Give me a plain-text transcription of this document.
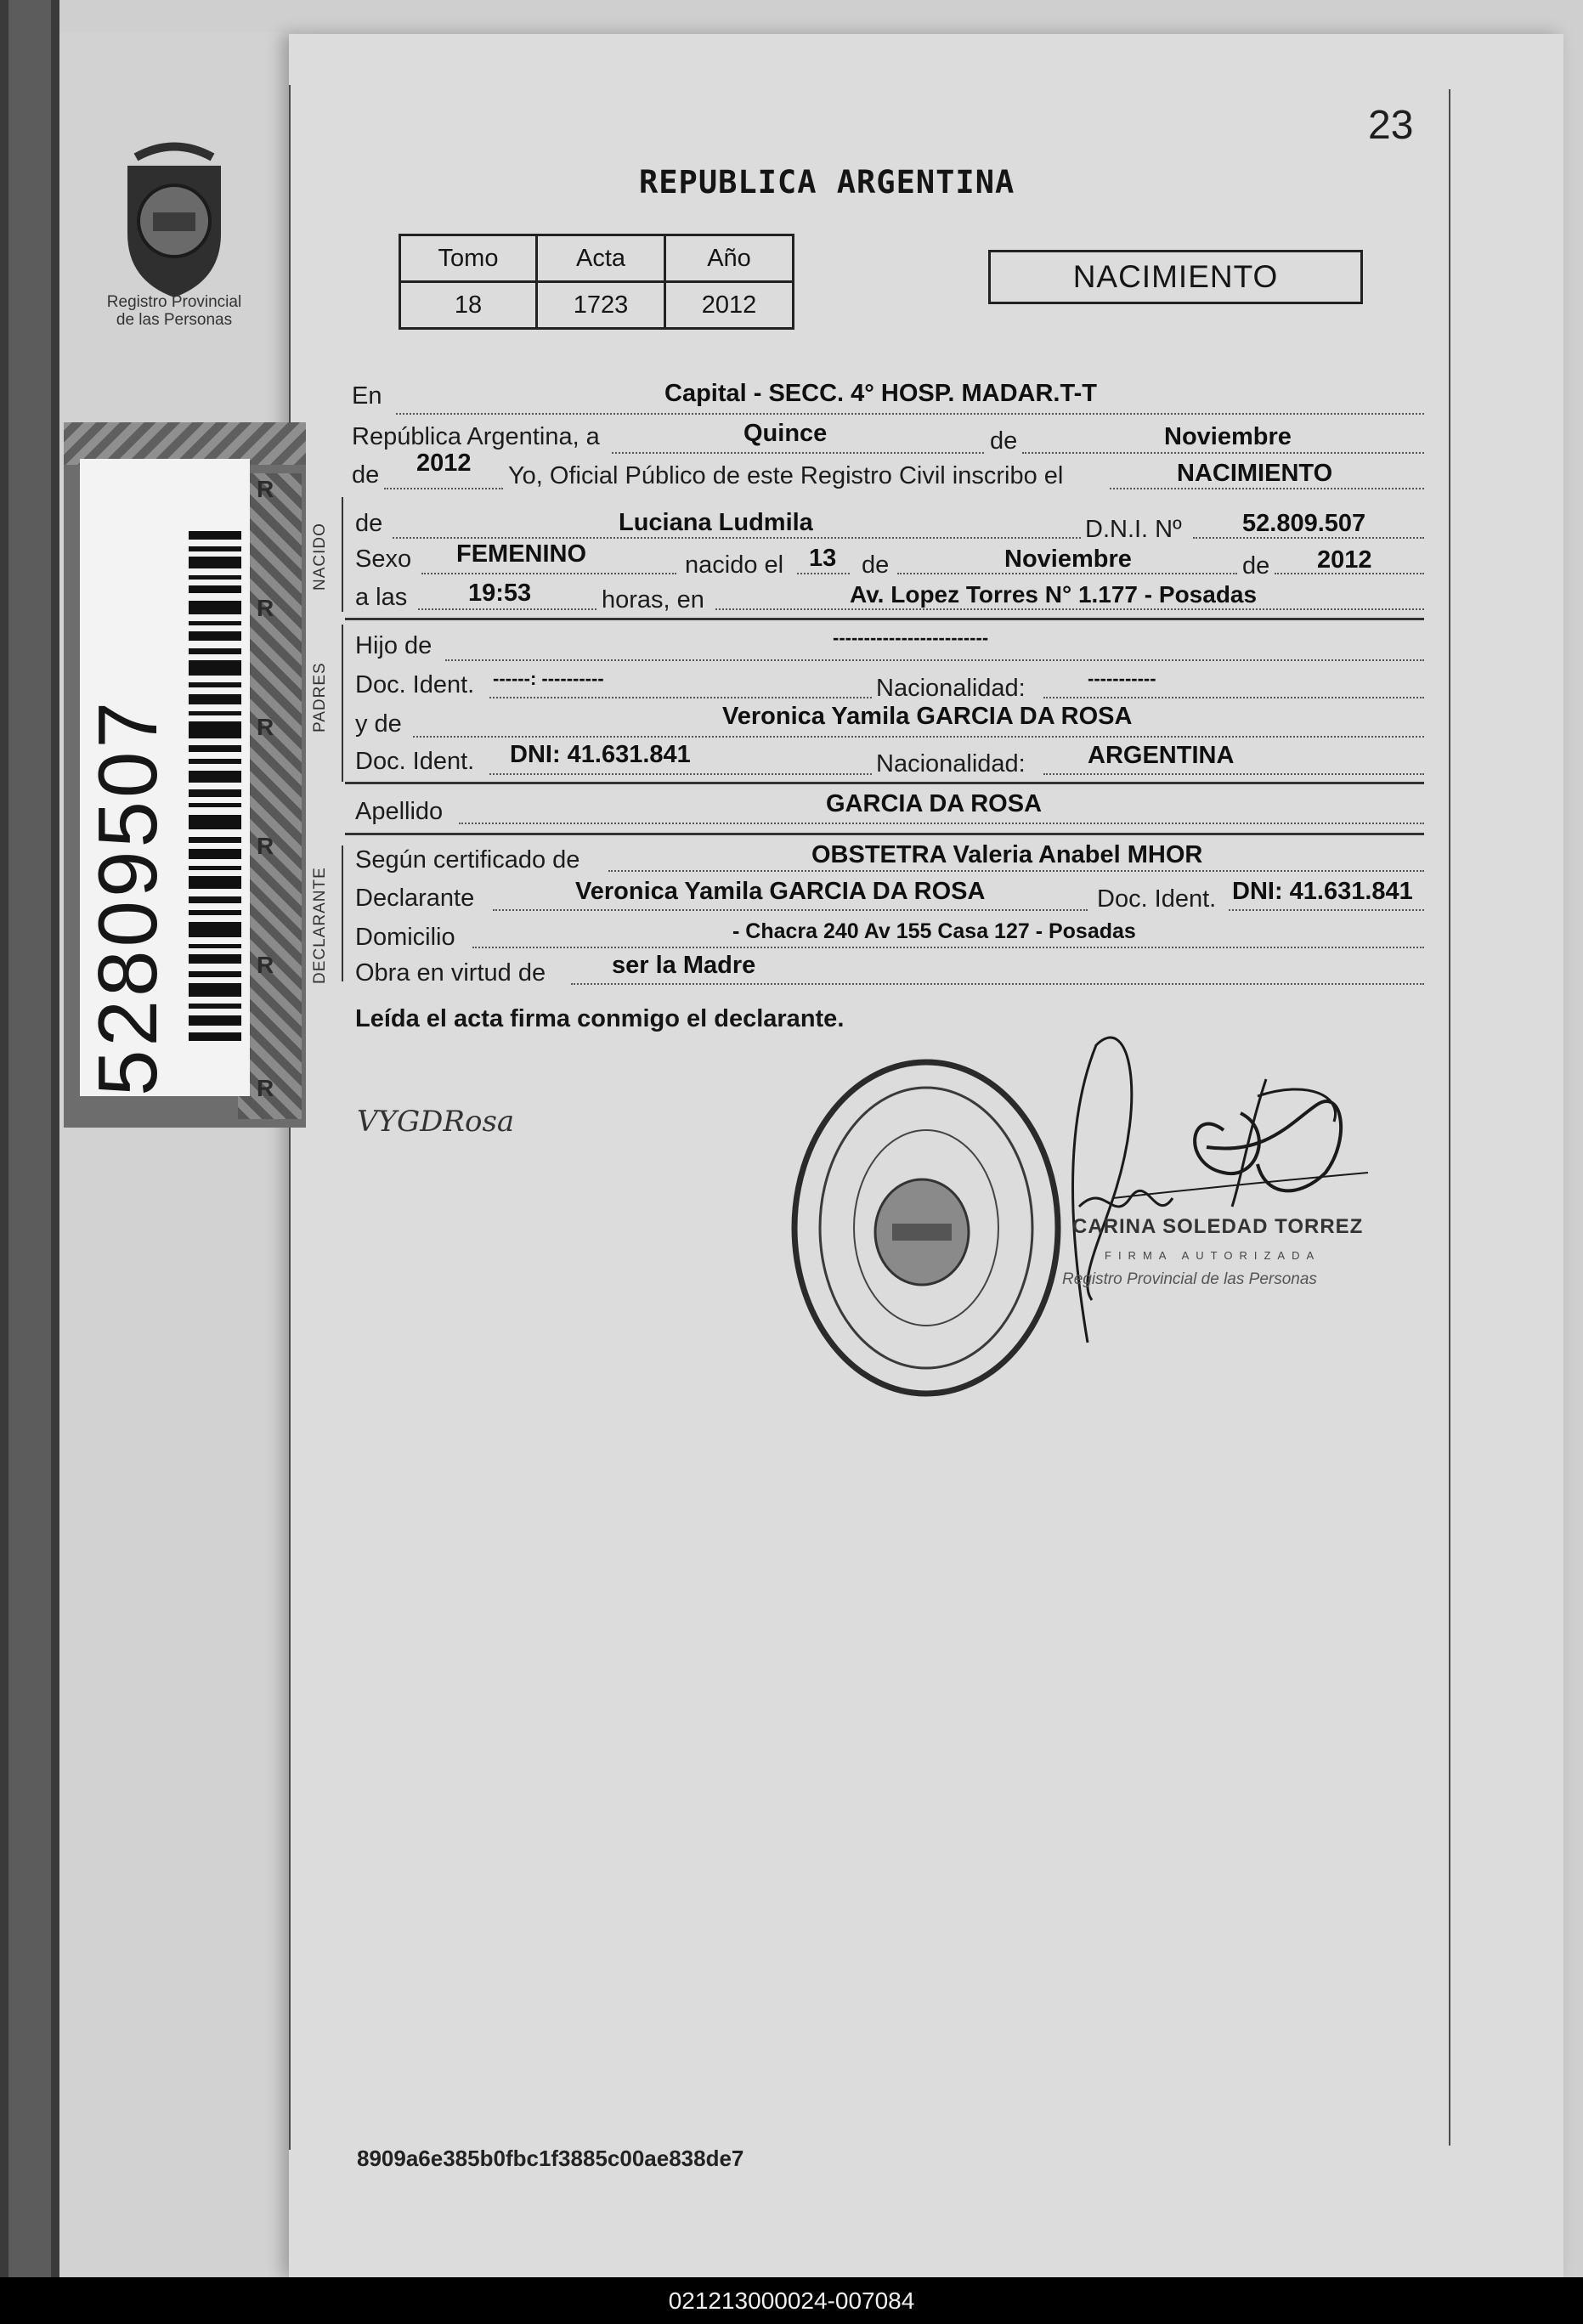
23
REPUBLICA ARGENTINA
Registro Provincial
de las Personas
Tomo	Acta	Año
18	1723	2012
NACIMIENTO
52809507
R
R
R
R
R
R
NACIDO
PADRES
DECLARANTE
En	Capital - SECC. 4° HOSP. MADAR.T-T
República Argentina, a	Quince	de	Noviembre
de 2012 Yo, Oficial Público de este Registro Civil inscribo el	NACIMIENTO
de	Luciana Ludmila	D.N.I. Nº 52.809.507
Sexo FEMENINO	nacido el 13 de	Noviembre	de 2012
a las 19:53	horas, en	Av. Lopez Torres N° 1.177 - Posadas
Hijo de	-------------------------
Doc. Ident. ------: ----------	Nacionalidad:	-----------
y de	Veronica Yamila GARCIA DA ROSA
Doc. Ident. DNI: 41.631.841	Nacionalidad:	ARGENTINA
Apellido	GARCIA DA ROSA
Según certificado de	OBSTETRA Valeria Anabel MHOR
Declarante	Veronica Yamila GARCIA DA ROSA	Doc. Ident. DNI: 41.631.841
Domicilio	- Chacra 240 Av 155 Casa 127 - Posadas
Obra en virtud de	ser la Madre
Leída el acta firma conmigo el declarante.
VYGDRosa
CARINA SOLEDAD TORREZ
FIRMA AUTORIZADA
Registro Provincial de las Personas
8909a6e385b0fbc1f3885c00ae838de7
021213000024-007084
